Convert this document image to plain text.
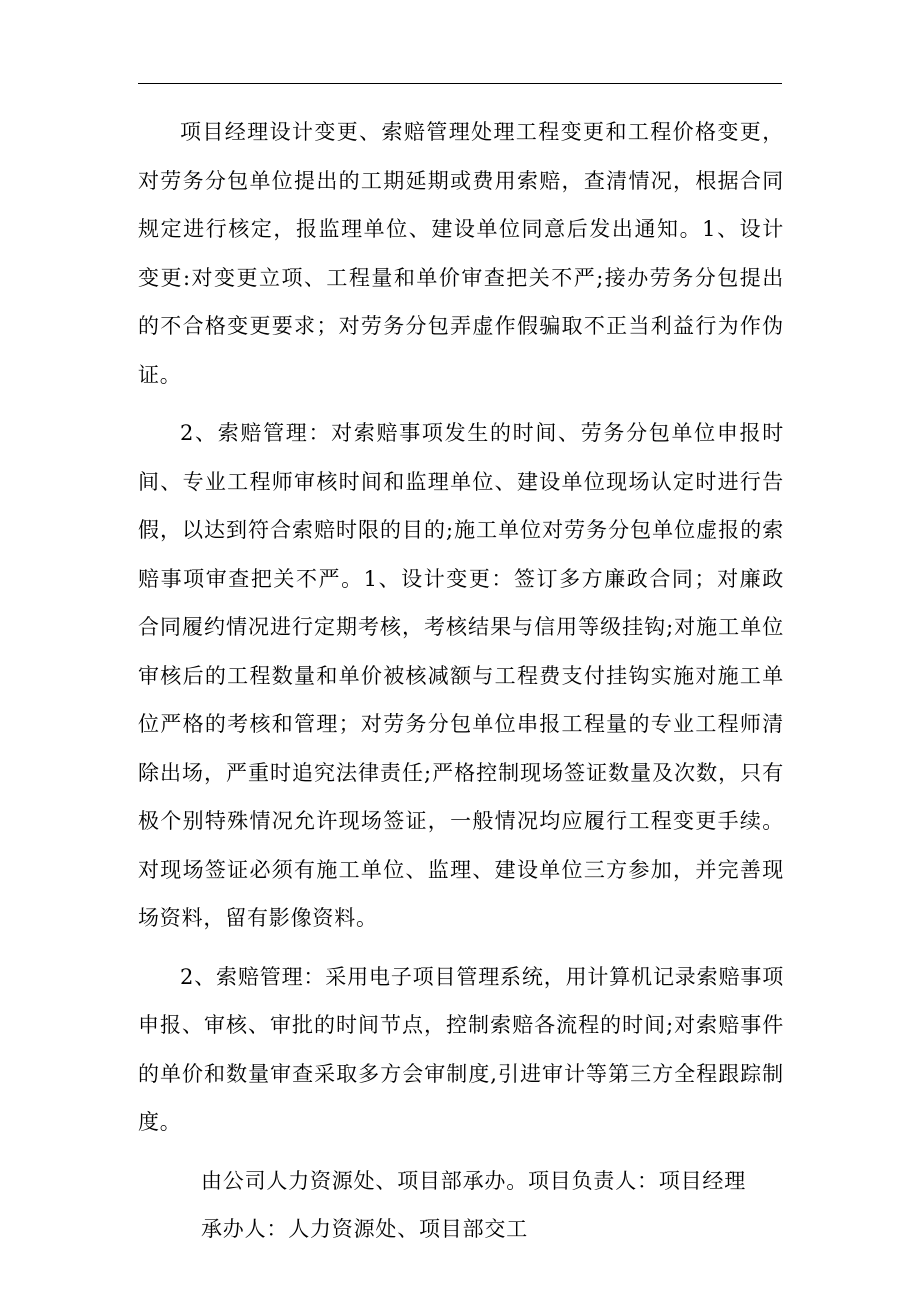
项目经理设计变更、索赔管理处理工程变更和工程价格变更，对劳务分包单位提出的工期延期或费用索赔，查清情况，根据合同规定进行核定，报监理单位、建设单位同意后发出通知。1、设计变更:对变更立项、工程量和单价审查把关不严;接办劳务分包提出的不合格变更要求；对劳务分包弄虚作假骗取不正当利益行为作伪证。

2、索赔管理：对索赔事项发生的时间、劳务分包单位申报时间、专业工程师审核时间和监理单位、建设单位现场认定时进行告假，以达到符合索赔时限的目的;施工单位对劳务分包单位虚报的索赔事项审查把关不严。1、设计变更：签订多方廉政合同；对廉政合同履约情况进行定期考核，考核结果与信用等级挂钩;对施工单位审核后的工程数量和单价被核减额与工程费支付挂钩实施对施工单位严格的考核和管理；对劳务分包单位串报工程量的专业工程师清除出场，严重时追究法律责任;严格控制现场签证数量及次数，只有极个别特殊情况允许现场签证，一般情况均应履行工程变更手续。对现场签证必须有施工单位、监理、建设单位三方参加，并完善现场资料，留有影像资料。

2、索赔管理：采用电子项目管理系统，用计算机记录索赔事项申报、审核、审批的时间节点，控制索赔各流程的时间;对索赔事件的单价和数量审查采取多方会审制度,引进审计等第三方全程跟踪制度。

由公司人力资源处、项目部承办。项目负责人：项目经理

承办人：人力资源处、项目部交工
